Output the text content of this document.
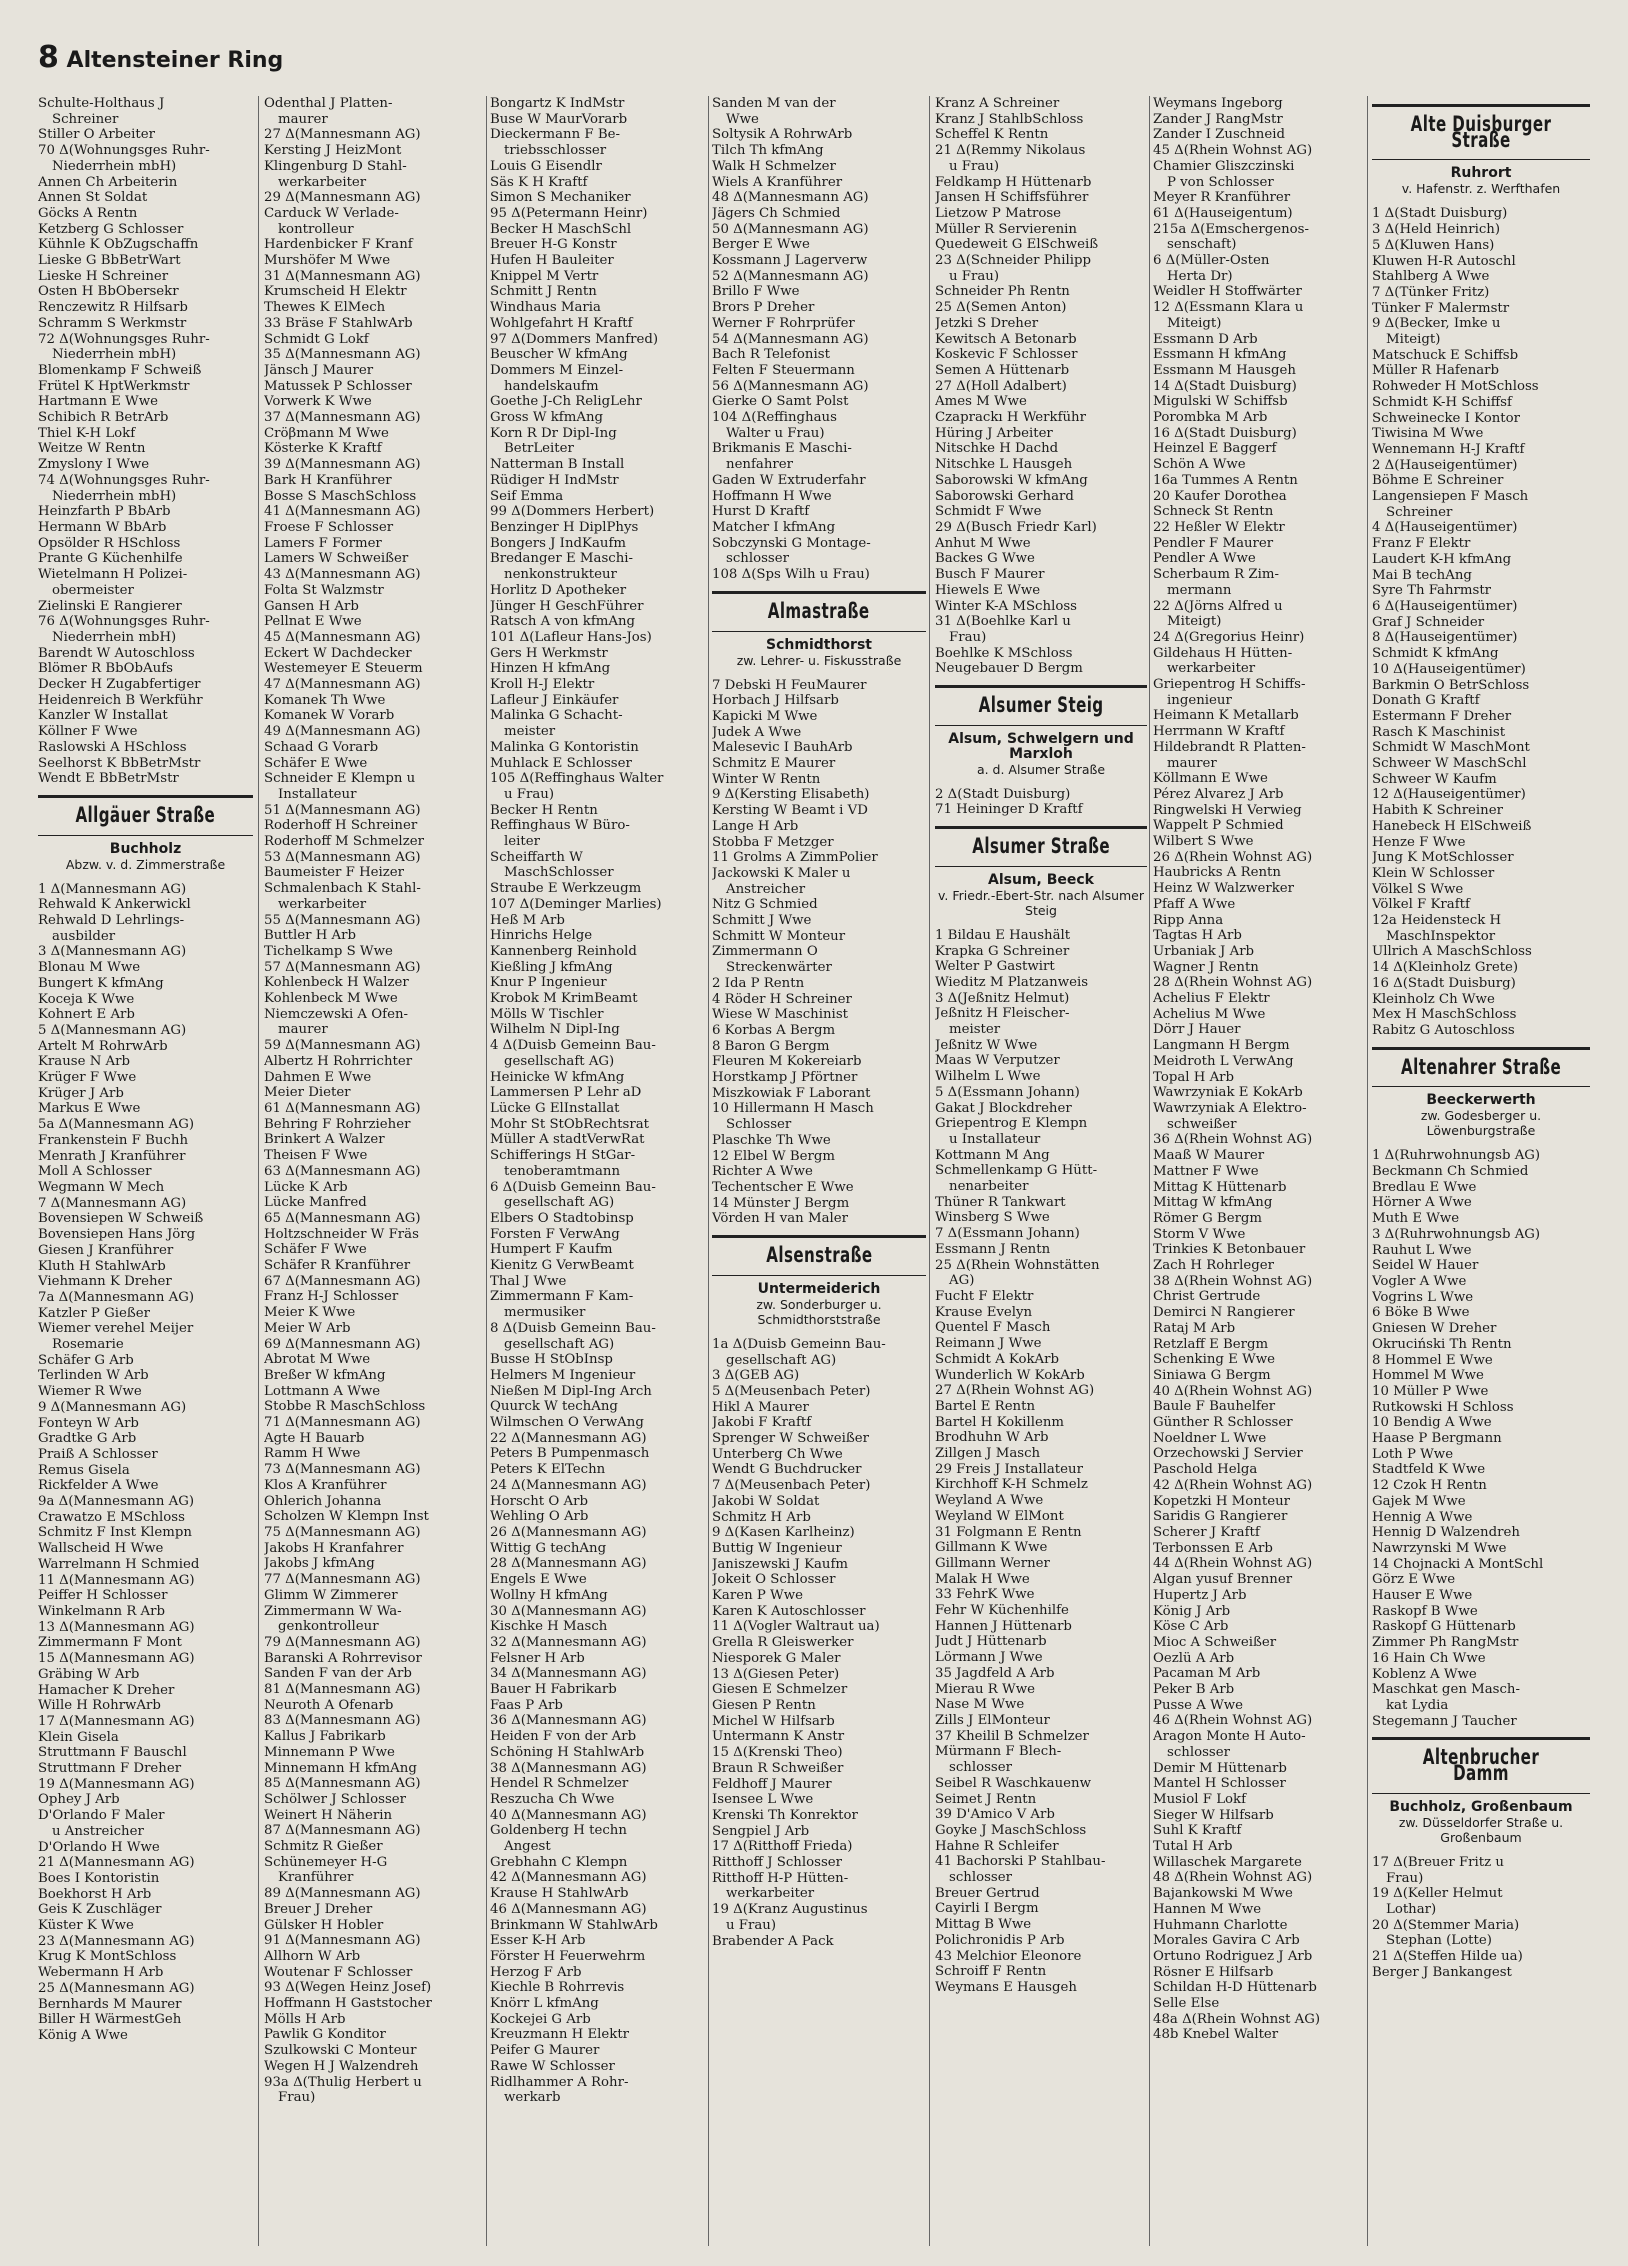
8 Altensteiner Ring
Schulte-Holthaus J
Schreiner
Stiller O Arbeiter
70 Δ(Wohnungsges Ruhr-
Niederrhein mbH)
Annen Ch Arbeiterin
Annen St Soldat
Göcks A Rentn
Ketzberg G Schlosser
Kühnle K ObZugschaffn
Lieske G BbBetrWart
Lieske H Schreiner
Osten H BbObersekr
Renczewitz R Hilfsarb
Schramm S Werkmstr
72 Δ(Wohnungsges Ruhr-
Niederrhein mbH)
Blomenkamp F Schweiß
Frütel K HptWerkmstr
Hartmann E Wwe
Schibich R BetrArb
Thiel K-H Lokf
Weitze W Rentn
Zmyslony I Wwe
74 Δ(Wohnungsges Ruhr-
Niederrhein mbH)
Heinzfarth P BbArb
Hermann W BbArb
Opsölder R HSchloss
Prante G Küchenhilfe
Wietelmann H Polizei-
obermeister
Zielinski E Rangierer
76 Δ(Wohnungsges Ruhr-
Niederrhein mbH)
Barendt W Autoschloss
Blömer R BbObAufs
Decker H Zugabfertiger
Heidenreich B Werkführ
Kanzler W Installat
Köllner F Wwe
Raslowski A HSchloss
Seelhorst K BbBetrMstr
Wendt E BbBetrMstr
Allgäuer Straße
Buchholz
Abzw. v. d. Zimmerstraße
1 Δ(Mannesmann AG)
Rehwald K Ankerwickl
Rehwald D Lehrlings-
ausbilder
3 Δ(Mannesmann AG)
Blonau M Wwe
Bungert K kfmAng
Koceja K Wwe
Kohnert E Arb
5 Δ(Mannesmann AG)
Artelt M RohrwArb
Krause N Arb
Krüger F Wwe
Krüger J Arb
Markus E Wwe
5a Δ(Mannesmann AG)
Frankenstein F Buchh
Menrath J Kranführer
Moll A Schlosser
Wegmann W Mech
7 Δ(Mannesmann AG)
Bovensiepen W Schweiß
Bovensiepen Hans Jörg
Giesen J Kranführer
Kluth H StahlwArb
Viehmann K Dreher
7a Δ(Mannesmann AG)
Katzler P Gießer
Wiemer verehel Meijer
Rosemarie
Schäfer G Arb
Terlinden W Arb
Wiemer R Wwe
9 Δ(Mannesmann AG)
Fonteyn W Arb
Gradtke G Arb
Praiß A Schlosser
Remus Gisela
Rickfelder A Wwe
9a Δ(Mannesmann AG)
Crawatzo E MSchloss
Schmitz F Inst Klempn
Wallscheid H Wwe
Warrelmann H Schmied
11 Δ(Mannesmann AG)
Peiffer H Schlosser
Winkelmann R Arb
13 Δ(Mannesmann AG)
Zimmermann F Mont
15 Δ(Mannesmann AG)
Gräbing W Arb
Hamacher K Dreher
Wille H RohrwArb
17 Δ(Mannesmann AG)
Klein Gisela
Struttmann F Bauschl
Struttmann F Dreher
19 Δ(Mannesmann AG)
Ophey J Arb
D'Orlando F Maler
u Anstreicher
D'Orlando H Wwe
21 Δ(Mannesmann AG)
Boes I Kontoristin
Boekhorst H Arb
Geis K Zuschläger
Küster K Wwe
23 Δ(Mannesmann AG)
Krug K MontSchloss
Webermann H Arb
25 Δ(Mannesmann AG)
Bernhards M Maurer
Biller H WärmestGeh
König A Wwe
Odenthal J Platten-
maurer
27 Δ(Mannesmann AG)
Kersting J HeizMont
Klingenburg D Stahl-
werkarbeiter
29 Δ(Mannesmann AG)
Carduck W Verlade-
kontrolleur
Hardenbicker F Kranf
Murshöfer M Wwe
31 Δ(Mannesmann AG)
Krumscheid H Elektr
Thewes K ElMech
33 Bräse F StahlwArb
Schmidt G Lokf
35 Δ(Mannesmann AG)
Jänsch J Maurer
Matussek P Schlosser
Vorwerk K Wwe
37 Δ(Mannesmann AG)
Cröβmann M Wwe
Kösterke K Kraftf
39 Δ(Mannesmann AG)
Bark H Kranführer
Bosse S MaschSchloss
41 Δ(Mannesmann AG)
Froese F Schlosser
Lamers F Former
Lamers W Schweißer
43 Δ(Mannesmann AG)
Folta St Walzmstr
Gansen H Arb
Pellnat E Wwe
45 Δ(Mannesmann AG)
Eckert W Dachdecker
Westemeyer E Steuerm
47 Δ(Mannesmann AG)
Komanek Th Wwe
Komanek W Vorarb
49 Δ(Mannesmann AG)
Schaad G Vorarb
Schäfer E Wwe
Schneider E Klempn u
Installateur
51 Δ(Mannesmann AG)
Roderhoff H Schreiner
Roderhoff M Schmelzer
53 Δ(Mannesmann AG)
Baumeister F Heizer
Schmalenbach K Stahl-
werkarbeiter
55 Δ(Mannesmann AG)
Buttler H Arb
Tichelkamp S Wwe
57 Δ(Mannesmann AG)
Kohlenbeck H Walzer
Kohlenbeck M Wwe
Niemczewski A Ofen-
maurer
59 Δ(Mannesmann AG)
Albertz H Rohrrichter
Dahmen E Wwe
Meier Dieter
61 Δ(Mannesmann AG)
Behring F Rohrzieher
Brinkert A Walzer
Theisen F Wwe
63 Δ(Mannesmann AG)
Lücke K Arb
Lücke Manfred
65 Δ(Mannesmann AG)
Holtzschneider W Fräs
Schäfer F Wwe
Schäfer R Kranführer
67 Δ(Mannesmann AG)
Franz H-J Schlosser
Meier K Wwe
Meier W Arb
69 Δ(Mannesmann AG)
Abrotat M Wwe
Breßer W kfmAng
Lottmann A Wwe
Stobbe R MaschSchloss
71 Δ(Mannesmann AG)
Agte H Bauarb
Ramm H Wwe
73 Δ(Mannesmann AG)
Klos A Kranführer
Ohlerich Johanna
Scholzen W Klempn Inst
75 Δ(Mannesmann AG)
Jakobs H Kranfahrer
Jakobs J kfmAng
77 Δ(Mannesmann AG)
Glimm W Zimmerer
Zimmermann W Wa-
genkontrolleur
79 Δ(Mannesmann AG)
Baranski A Rohrrevisor
Sanden F van der Arb
81 Δ(Mannesmann AG)
Neuroth A Ofenarb
83 Δ(Mannesmann AG)
Kallus J Fabrikarb
Minnemann P Wwe
Minnemann H kfmAng
85 Δ(Mannesmann AG)
Schölwer J Schlosser
Weinert H Näherin
87 Δ(Mannesmann AG)
Schmitz R Gießer
Schünemeyer H-G
Kranführer
89 Δ(Mannesmann AG)
Breuer J Dreher
Gülsker H Hobler
91 Δ(Mannesmann AG)
Allhorn W Arb
Woutenar F Schlosser
93 Δ(Wegen Heinz Josef)
Hoffmann H Gaststocher
Mölls H Arb
Pawlik G Konditor
Szulkowski C Monteur
Wegen H J Walzendreh
93a Δ(Thulig Herbert u
Frau)
Bongartz K IndMstr
Buse W MaurVorarb
Dieckermann F Be-
triebsschlosser
Louis G Eisendlr
Säs K H Kraftf
Simon S Mechaniker
95 Δ(Petermann Heinr)
Becker H MaschSchl
Breuer H-G Konstr
Hufen H Bauleiter
Knippel M Vertr
Schmitt J Rentn
Windhaus Maria
Wohlgefahrt H Kraftf
97 Δ(Dommers Manfred)
Beuscher W kfmAng
Dommers M Einzel-
handelskaufm
Goethe J-Ch ReligLehr
Gross W kfmAng
Korn R Dr Dipl-Ing
BetrLeiter
Natterman B Install
Rüdiger H IndMstr
Seif Emma
99 Δ(Dommers Herbert)
Benzinger H DiplPhys
Bongers J IndKaufm
Bredanger E Maschi-
nenkonstrukteur
Horlitz D Apotheker
Jünger H GeschFührer
Ratsch A von kfmAng
101 Δ(Lafleur Hans-Jos)
Gers H Werkmstr
Hinzen H kfmAng
Kroll H-J Elektr
Lafleur J Einkäufer
Malinka G Schacht-
meister
Malinka G Kontoristin
Muhlack E Schlosser
105 Δ(Reffinghaus Walter
u Frau)
Becker H Rentn
Reffinghaus W Büro-
leiter
Scheiffarth W
MaschSchlosser
Straube E Werkzeugm
107 Δ(Deminger Marlies)
Heß M Arb
Hinrichs Helge
Kannenberg Reinhold
Kießling J kfmAng
Knur P Ingenieur
Krobok M KrimBeamt
Mölls W Tischler
Wilhelm N Dipl-Ing
4 Δ(Duisb Gemeinn Bau-
gesellschaft AG)
Heinicke W kfmAng
Lammersen P Lehr aD
Lücke G ElInstallat
Mohr St StObRechtsrat
Müller A stadtVerwRat
Schifferings H StGar-
tenoberamtmann
6 Δ(Duisb Gemeinn Bau-
gesellschaft AG)
Elbers O Stadtobinsp
Forsten F VerwAng
Humpert F Kaufm
Kienitz G VerwBeamt
Thal J Wwe
Zimmermann F Kam-
mermusiker
8 Δ(Duisb Gemeinn Bau-
gesellschaft AG)
Busse H StObInsp
Helmers M Ingenieur
Nießen M Dipl-Ing Arch
Quurck W techAng
Wilmschen O VerwAng
22 Δ(Mannesmann AG)
Peters B Pumpenmasch
Peters K ElTechn
24 Δ(Mannesmann AG)
Horscht O Arb
Wehling O Arb
26 Δ(Mannesmann AG)
Wittig G techAng
28 Δ(Mannesmann AG)
Engels E Wwe
Wollny H kfmAng
30 Δ(Mannesmann AG)
Kischke H Masch
32 Δ(Mannesmann AG)
Felsner H Arb
34 Δ(Mannesmann AG)
Bauer H Fabrikarb
Faas P Arb
36 Δ(Mannesmann AG)
Heiden F von der Arb
Schöning H StahlwArb
38 Δ(Mannesmann AG)
Hendel R Schmelzer
Reszucha Ch Wwe
40 Δ(Mannesmann AG)
Goldenberg H techn
Angest
Grebhahn C Klempn
42 Δ(Mannesmann AG)
Krause H StahlwArb
46 Δ(Mannesmann AG)
Brinkmann W StahlwArb
Esser K-H Arb
Förster H Feuerwehrm
Herzog F Arb
Kiechle B Rohrrevis
Knörr L kfmAng
Kockejei G Arb
Kreuzmann H Elektr
Peifer G Maurer
Rawe W Schlosser
Ridlhammer A Rohr-
werkarb
Sanden M van der
Wwe
Soltysik A RohrwArb
Tilch Th kfmAng
Walk H Schmelzer
Wiels A Kranführer
48 Δ(Mannesmann AG)
Jägers Ch Schmied
50 Δ(Mannesmann AG)
Berger E Wwe
Kossmann J Lagerverw
52 Δ(Mannesmann AG)
Brillo F Wwe
Brors P Dreher
Werner F Rohrprüfer
54 Δ(Mannesmann AG)
Bach R Telefonist
Felten F Steuermann
56 Δ(Mannesmann AG)
Gierke O Samt Polst
104 Δ(Reffinghaus
Walter u Frau)
Brikmanis E Maschi-
nenfahrer
Gaden W Extruderfahr
Hoffmann H Wwe
Hurst D Kraftf
Matcher I kfmAng
Sobczynski G Montage-
schlosser
108 Δ(Sps Wilh u Frau)
Almastraße
Schmidthorst
zw. Lehrer- u. Fiskusstraße
7 Debski H FeuMaurer
Horbach J Hilfsarb
Kapicki M Wwe
Judek A Wwe
Malesevic I BauhArb
Schmitz E Maurer
Winter W Rentn
9 Δ(Kersting Elisabeth)
Kersting W Beamt i VD
Lange H Arb
Stobba F Metzger
11 Grolms A ZimmPolier
Jackowski K Maler u
Anstreicher
Nitz G Schmied
Schmitt J Wwe
Schmitt W Monteur
Zimmermann O
Streckenwärter
2 Ida P Rentn
4 Röder H Schreiner
Wiese W Maschinist
6 Korbas A Bergm
8 Baron G Bergm
Fleuren M Kokereiarb
Horstkamp J Pförtner
Miszkowiak F Laborant
10 Hillermann H Masch
Schlosser
Plaschke Th Wwe
12 Elbel W Bergm
Richter A Wwe
Techentscher E Wwe
14 Münster J Bergm
Vörden H van Maler
Alsenstraße
Untermeiderich
zw. Sonderburger u. Schmidthorststraße
1a Δ(Duisb Gemeinn Bau-
gesellschaft AG)
3 Δ(GEB AG)
5 Δ(Meusenbach Peter)
Hikl A Maurer
Jakobi F Kraftf
Sprenger W Schweißer
Unterberg Ch Wwe
Wendt G Buchdrucker
7 Δ(Meusenbach Peter)
Jakobi W Soldat
Schmitz H Arb
9 Δ(Kasen Karlheinz)
Buttig W Ingenieur
Janiszewski J Kaufm
Jokeit O Schlosser
Karen P Wwe
Karen K Autoschlosser
11 Δ(Vogler Waltraut ua)
Grella R Gleiswerker
Niesporek G Maler
13 Δ(Giesen Peter)
Giesen E Schmelzer
Giesen P Rentn
Michel W Hilfsarb
Untermann K Anstr
15 Δ(Krenski Theo)
Braun R Schweißer
Feldhoff J Maurer
Isensee L Wwe
Krenski Th Konrektor
Sengpiel J Arb
17 Δ(Ritthoff Frieda)
Ritthoff J Schlosser
Ritthoff H-P Hütten-
werkarbeiter
19 Δ(Kranz Augustinus
u Frau)
Brabender A Pack
Kranz A Schreiner
Kranz J StahlbSchloss
Scheffel K Rentn
21 Δ(Remmy Nikolaus
u Frau)
Feldkamp H Hüttenarb
Jansen H Schiffsführer
Lietzow P Matrose
Müller R Servierenin
Quedeweit G ElSchweiß
23 Δ(Schneider Philipp
u Frau)
Schneider Ph Rentn
25 Δ(Semen Anton)
Jetzki S Dreher
Kewitsch A Betonarb
Koskevic F Schlosser
Semen A Hüttenarb
27 Δ(Holl Adalbert)
Ames M Wwe
Czaprackı H Werkführ
Hüring J Arbeiter
Nitschke H Dachd
Nitschke L Hausgeh
Saborowski W kfmAng
Saborowski Gerhard
Schmidt F Wwe
29 Δ(Busch Friedr Karl)
Anhut M Wwe
Backes G Wwe
Busch F Maurer
Hiewels E Wwe
Winter K-A MSchloss
31 Δ(Boehlke Karl u
Frau)
Boehlke K MSchloss
Neugebauer D Bergm
Alsumer Steig
Alsum, Schwelgern und Marxloh
a. d. Alsumer Straße
2 Δ(Stadt Duisburg)
71 Heininger D Kraftf
Alsumer Straße
Alsum, Beeck
v. Friedr.-Ebert-Str. nach Alsumer Steig
1 Bildau E Haushält
Krapka G Schreiner
Welter P Gastwirt
Wieditz M Platzanweis
3 Δ(Jeßnitz Helmut)
Jeßnitz H Fleischer-
meister
Jeßnitz W Wwe
Maas W Verputzer
Wilhelm L Wwe
5 Δ(Essmann Johann)
Gakat J Blockdreher
Griepentrog E Klempn
u Installateur
Kottmann M Ang
Schmellenkamp G Hütt-
nenarbeiter
Thüner R Tankwart
Winsberg S Wwe
7 Δ(Essmann Johann)
Essmann J Rentn
25 Δ(Rhein Wohnstätten
AG)
Fucht F Elektr
Krause Evelyn
Quentel F Masch
Reimann J Wwe
Schmidt A KokArb
Wunderlich W KokArb
27 Δ(Rhein Wohnst AG)
Bartel E Rentn
Bartel H Kokillenm
Brodhuhn W Arb
Zillgen J Masch
29 Freis J Installateur
Kirchhoff K-H Schmelz
Weyland A Wwe
Weyland W ElMont
31 Folgmann E Rentn
Gillmann K Wwe
Gillmann Werner
Malak H Wwe
33 FehrK Wwe
Fehr W Küchenhilfe
Hannen J Hüttenarb
Judt J Hüttenarb
Lörmann J Wwe
35 Jagdfeld A Arb
Mierau R Wwe
Nase M Wwe
Zills J ElMonteur
37 Kheilil B Schmelzer
Mürmann F Blech-
schlosser
Seibel R Waschkauenw
Seimet J Rentn
39 D'Amico V Arb
Goyke J MaschSchloss
Hahne R Schleifer
41 Bachorski P Stahlbau-
schlosser
Breuer Gertrud
Cayirli I Bergm
Mittag B Wwe
Polichronidis P Arb
43 Melchior Eleonore
Schroiff F Rentn
Weymans E Hausgeh
Weymans Ingeborg
Zander J RangMstr
Zander I Zuschneid
45 Δ(Rhein Wohnst AG)
Chamier Gliszczinski
P von Schlosser
Meyer R Kranführer
61 Δ(Hauseigentum)
215a Δ(Emschergenos-
senschaft)
6 Δ(Müller-Osten
Herta Dr)
Weidler H Stoffwärter
12 Δ(Essmann Klara u
Miteigt)
Essmann D Arb
Essmann H kfmAng
Essmann M Hausgeh
14 Δ(Stadt Duisburg)
Migulski W Schiffsb
Porombka M Arb
16 Δ(Stadt Duisburg)
Heinzel E Baggerf
Schön A Wwe
16a Tummes A Rentn
20 Kaufer Dorothea
Schneck St Rentn
22 Heßler W Elektr
Pendler F Maurer
Pendler A Wwe
Scherbaum R Zim-
mermann
22 Δ(Jörns Alfred u
Miteigt)
24 Δ(Gregorius Heinr)
Gildehaus H Hütten-
werkarbeiter
Griepentrog H Schiffs-
ingenieur
Heimann K Metallarb
Herrmann W Kraftf
Hildebrandt R Platten-
maurer
Köllmann E Wwe
Pérez Alvarez J Arb
Ringwelski H Verwieg
Wappelt P Schmied
Wilbert S Wwe
26 Δ(Rhein Wohnst AG)
Haubricks A Rentn
Heinz W Walzwerker
Pfaff A Wwe
Ripp Anna
Tagtas H Arb
Urbaniak J Arb
Wagner J Rentn
28 Δ(Rhein Wohnst AG)
Achelius F Elektr
Achelius M Wwe
Dörr J Hauer
Langmann H Bergm
Meidroth L VerwAng
Topal H Arb
Wawrzyniak E KokArb
Wawrzyniak A Elektro-
schweißer
36 Δ(Rhein Wohnst AG)
Maaß W Maurer
Mattner F Wwe
Mittag K Hüttenarb
Mittag W kfmAng
Römer G Bergm
Storm V Wwe
Trinkies K Betonbauer
Zach H Rohrleger
38 Δ(Rhein Wohnst AG)
Christ Gertrude
Demirci N Rangierer
Rataj M Arb
Retzlaff E Bergm
Schenking E Wwe
Siniawa G Bergm
40 Δ(Rhein Wohnst AG)
Baule F Bauhelfer
Günther R Schlosser
Noeldner L Wwe
Orzechowski J Servier
Paschold Helga
42 Δ(Rhein Wohnst AG)
Kopetzki H Monteur
Saridis G Rangierer
Scherer J Kraftf
Terbonssen E Arb
44 Δ(Rhein Wohnst AG)
Algan yusuf Brenner
Hupertz J Arb
König J Arb
Köse C Arb
Mioc A Schweißer
Oezlü A Arb
Pacaman M Arb
Peker B Arb
Pusse A Wwe
46 Δ(Rhein Wohnst AG)
Aragon Monte H Auto-
schlosser
Demir M Hüttenarb
Mantel H Schlosser
Musiol F Lokf
Sieger W Hilfsarb
Suhl K Kraftf
Tutal H Arb
Willaschek Margarete
48 Δ(Rhein Wohnst AG)
Bajankowski M Wwe
Hannen M Wwe
Huhmann Charlotte
Morales Gavira C Arb
Ortuno Rodriguez J Arb
Rösner E Hilfsarb
Schildan H-D Hüttenarb
Selle Else
48a Δ(Rhein Wohnst AG)
48b Knebel Walter
Alte Duisburger Straße
Ruhrort
v. Hafenstr. z. Werfthafen
1 Δ(Stadt Duisburg)
3 Δ(Held Heinrich)
5 Δ(Kluwen Hans)
Kluwen H-R Autoschl
Stahlberg A Wwe
7 Δ(Tünker Fritz)
Tünker F Malermstr
9 Δ(Becker, Imke u
Miteigt)
Matschuck E Schiffsb
Müller R Hafenarb
Rohweder H MotSchloss
Schmidt K-H Schiffsf
Schweinecke I Kontor
Tiwisina M Wwe
Wennemann H-J Kraftf
2 Δ(Hauseigentümer)
Böhme E Schreiner
Langensiepen F Masch
Schreiner
4 Δ(Hauseigentümer)
Franz F Elektr
Laudert K-H kfmAng
Mai B techAng
Syre Th Fahrmstr
6 Δ(Hauseigentümer)
Graf J Schneider
8 Δ(Hauseigentümer)
Schmidt K kfmAng
10 Δ(Hauseigentümer)
Barkmin O BetrSchloss
Donath G Kraftf
Estermann F Dreher
Rasch K Maschinist
Schmidt W MaschMont
Schweer W MaschSchl
Schweer W Kaufm
12 Δ(Hauseigentümer)
Habith K Schreiner
Hanebeck H ElSchweiß
Henze F Wwe
Jung K MotSchlosser
Klein W Schlosser
Völkel S Wwe
Völkel F Kraftf
12a Heidensteck H
MaschInspektor
Ullrich A MaschSchloss
14 Δ(Kleinholz Grete)
16 Δ(Stadt Duisburg)
Kleinholz Ch Wwe
Mex H MaschSchloss
Rabitz G Autoschloss
Altenahrer Straße
Beeckerwerth
zw. Godesberger u. Löwenburgstraße
1 Δ(Ruhrwohnungsb AG)
Beckmann Ch Schmied
Bredlau E Wwe
Hörner A Wwe
Muth E Wwe
3 Δ(Ruhrwohnungsb AG)
Rauhut L Wwe
Seidel W Hauer
Vogler A Wwe
Vogrins L Wwe
6 Böke B Wwe
Gniesen W Dreher
Okruciński Th Rentn
8 Hommel E Wwe
Hommel M Wwe
10 Müller P Wwe
Rutkowski H Schloss
10 Bendig A Wwe
Haase P Bergmann
Loth P Wwe
Stadtfeld K Wwe
12 Czok H Rentn
Gajek M Wwe
Hennig A Wwe
Hennig D Walzendreh
Nawrzynski M Wwe
14 Chojnacki A MontSchl
Görz E Wwe
Hauser E Wwe
Raskopf B Wwe
Raskopf G Hüttenarb
Zimmer Ph RangMstr
16 Hain Ch Wwe
Koblenz A Wwe
Maschkat gen Masch-
kat Lydia
Stegemann J Taucher
Altenbrucher Damm
Buchholz, Großenbaum
zw. Düsseldorfer Straße u. Großenbaum
17 Δ(Breuer Fritz u
Frau)
19 Δ(Keller Helmut
Lothar)
20 Δ(Stemmer Maria)
Stephan (Lotte)
21 Δ(Steffen Hilde ua)
Berger J Bankangest
